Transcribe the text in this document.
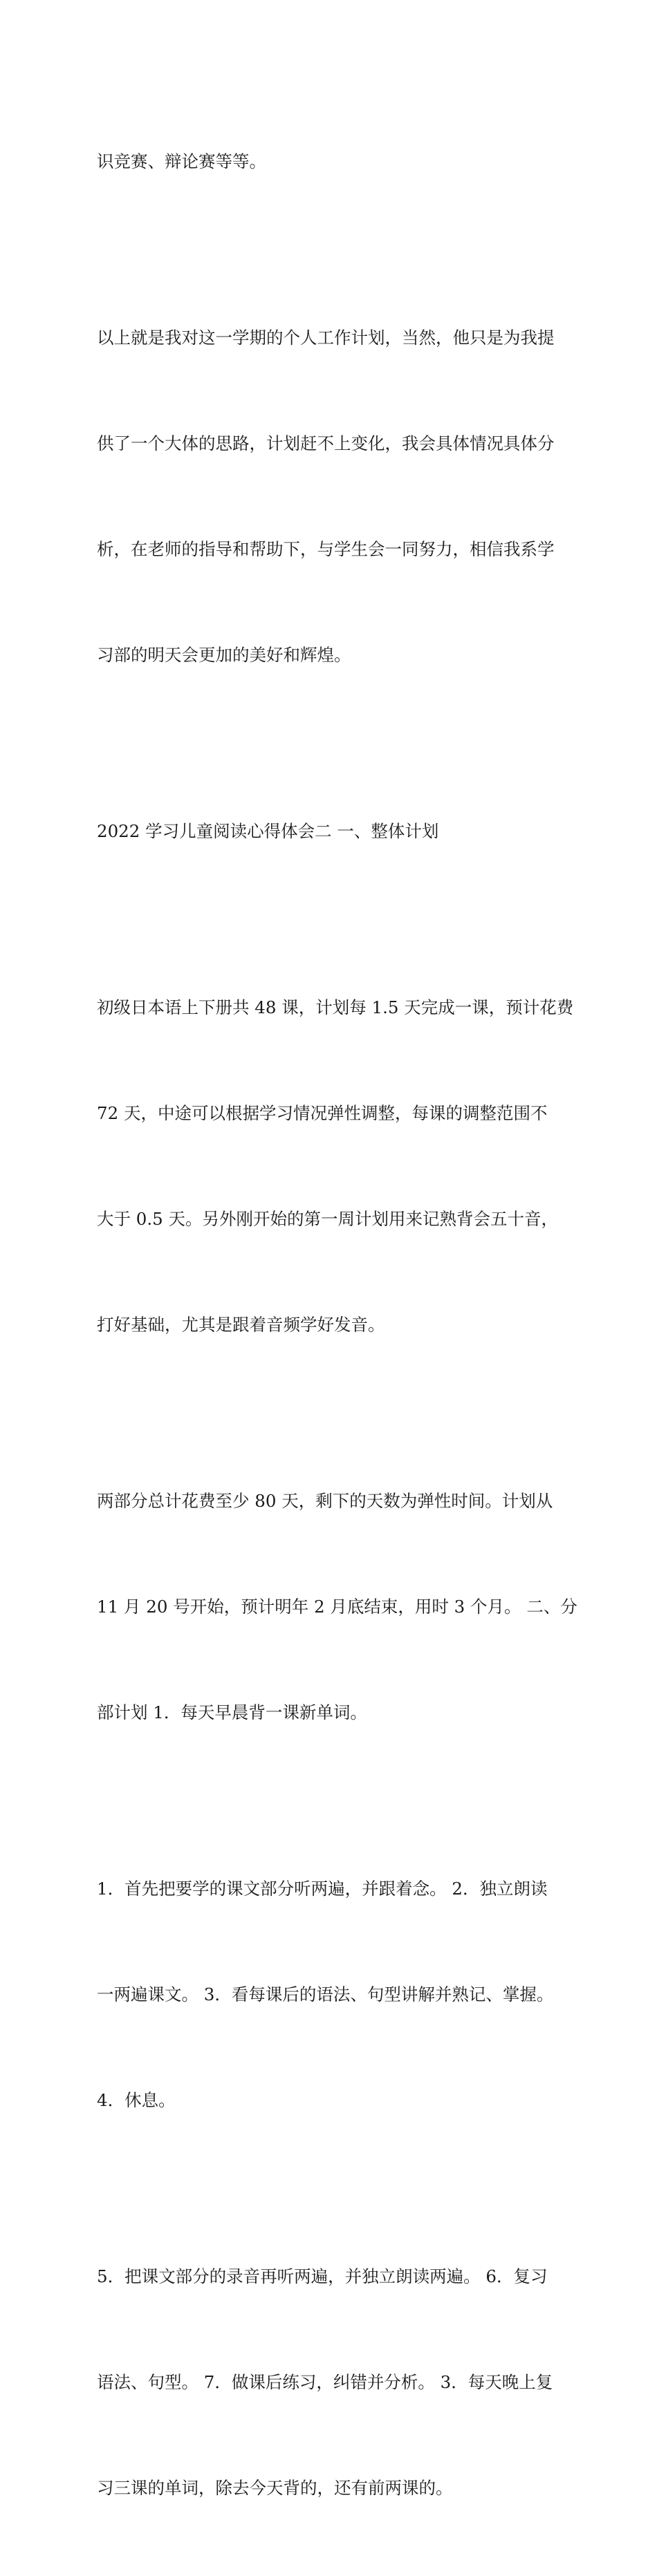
识竞赛、辩论赛等等。

以上就是我对这一学期的个人工作计划，当然，他只是为我提

供了一个大体的思路，计划赶不上变化，我会具体情况具体分

析，在老师的指导和帮助下，与学生会一同努力，相信我系学

习部的明天会更加的美好和辉煌。

2022 学习儿童阅读心得体会二 一、整体计划

初级日本语上下册共 48 课，计划每 1.5 天完成一课，预计花费

72 天，中途可以根据学习情况弹性调整，每课的调整范围不

大于 0.5 天。另外刚开始的第一周计划用来记熟背会五十音，

打好基础，尤其是跟着音频学好发音。

两部分总计花费至少 80 天，剩下的天数为弹性时间。计划从

11 月 20 号开始，预计明年 2 月底结束，用时 3 个月。 二、分

部计划 1．每天早晨背一课新单词。

1．首先把要学的课文部分听两遍，并跟着念。 2．独立朗读

一两遍课文。 3．看每课后的语法、句型讲解并熟记、掌握。

4．休息。

5．把课文部分的录音再听两遍，并独立朗读两遍。 6．复习

语法、句型。 7．做课后练习，纠错并分析。 3．每天晚上复

习三课的单词，除去今天背的，还有前两课的。
